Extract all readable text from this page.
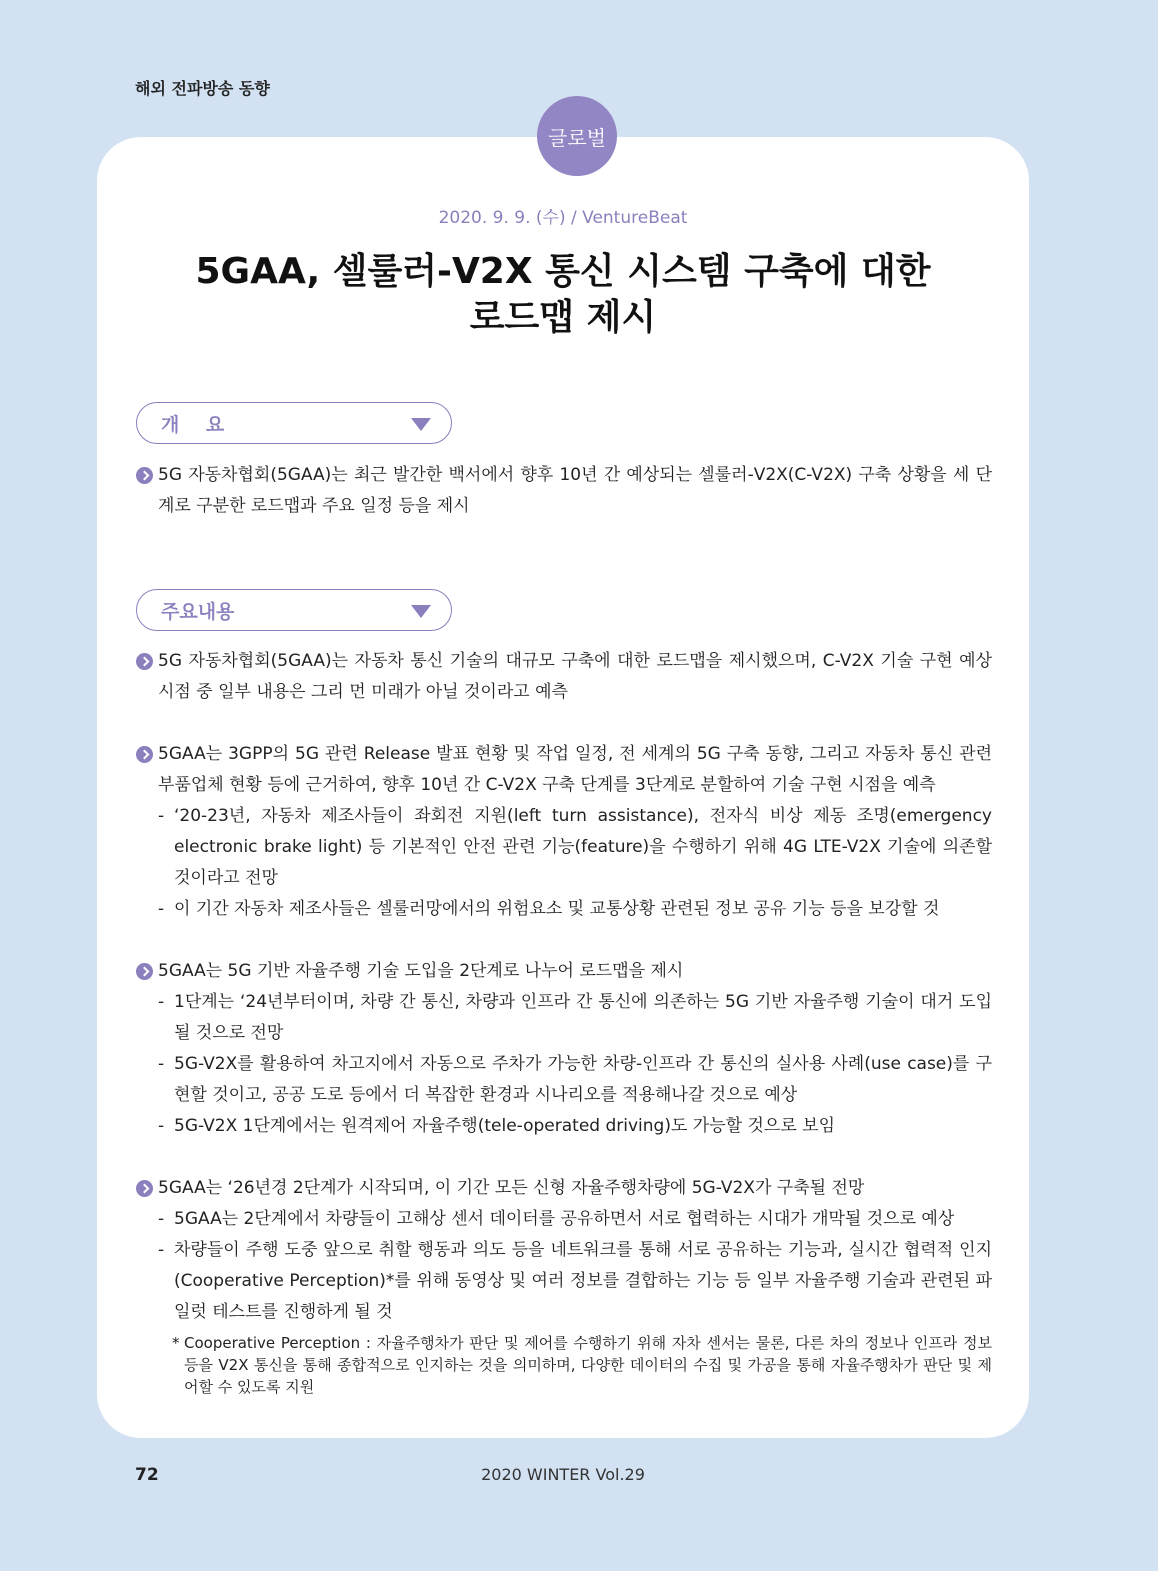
해외 전파방송 동향
글로벌
2020. 9. 9. (수) / VentureBeat
5GAA, 셀룰러-V2X 통신 시스템 구축에 대한
로드맵 제시
개    요
5G 자동차협회(5GAA)는 최근 발간한 백서에서 향후 10년 간 예상되는 셀룰러-V2X(C-V2X) 구축 상황을 세 단계로 구분한 로드맵과 주요 일정 등을 제시
주요내용
5G 자동차협회(5GAA)는 자동차 통신 기술의 대규모 구축에 대한 로드맵을 제시했으며, C-V2X 기술 구현 예상 시점 중 일부 내용은 그리 먼 미래가 아닐 것이라고 예측
5GAA는 3GPP의 5G 관련 Release 발표 현황 및 작업 일정, 전 세계의 5G 구축 동향, 그리고 자동차 통신 관련 부품업체 현황 등에 근거하여, 향후 10년 간 C-V2X 구축 단계를 3단계로 분할하여 기술 구현 시점을 예측
- ‘20-23년, 자동차 제조사들이 좌회전 지원(left turn assistance), 전자식 비상 제동 조명(emergency electronic brake light) 등 기본적인 안전 관련 기능(feature)을 수행하기 위해 4G LTE-V2X 기술에 의존할 것이라고 전망
- 이 기간 자동차 제조사들은 셀룰러망에서의 위험요소 및 교통상황 관련된 정보 공유 기능 등을 보강할 것
5GAA는 5G 기반 자율주행 기술 도입을 2단계로 나누어 로드맵을 제시
- 1단계는 ‘24년부터이며, 차량 간 통신, 차량과 인프라 간 통신에 의존하는 5G 기반 자율주행 기술이 대거 도입될 것으로 전망
- 5G-V2X를 활용하여 차고지에서 자동으로 주차가 가능한 차량-인프라 간 통신의 실사용 사례(use case)를 구현할 것이고, 공공 도로 등에서 더 복잡한 환경과 시나리오를 적용해나갈 것으로 예상
- 5G-V2X 1단계에서는 원격제어 자율주행(tele-operated driving)도 가능할 것으로 보임
5GAA는 ‘26년경 2단계가 시작되며, 이 기간 모든 신형 자율주행차량에 5G-V2X가 구축될 전망
- 5GAA는 2단계에서 차량들이 고해상 센서 데이터를 공유하면서 서로 협력하는 시대가 개막될 것으로 예상
- 차량들이 주행 도중 앞으로 취할 행동과 의도 등을 네트워크를 통해 서로 공유하는 기능과, 실시간 협력적 인지(Cooperative Perception)*를 위해 동영상 및 여러 정보를 결합하는 기능 등 일부 자율주행 기술과 관련된 파일럿 테스트를 진행하게 될 것
* Cooperative Perception : 자율주행차가 판단 및 제어를 수행하기 위해 자차 센서는 물론, 다른 차의 정보나 인프라 정보 등을 V2X 통신을 통해 종합적으로 인지하는 것을 의미하며, 다양한 데이터의 수집 및 가공을 통해 자율주행차가 판단 및 제어할 수 있도록 지원
72	2020 WINTER Vol.29
